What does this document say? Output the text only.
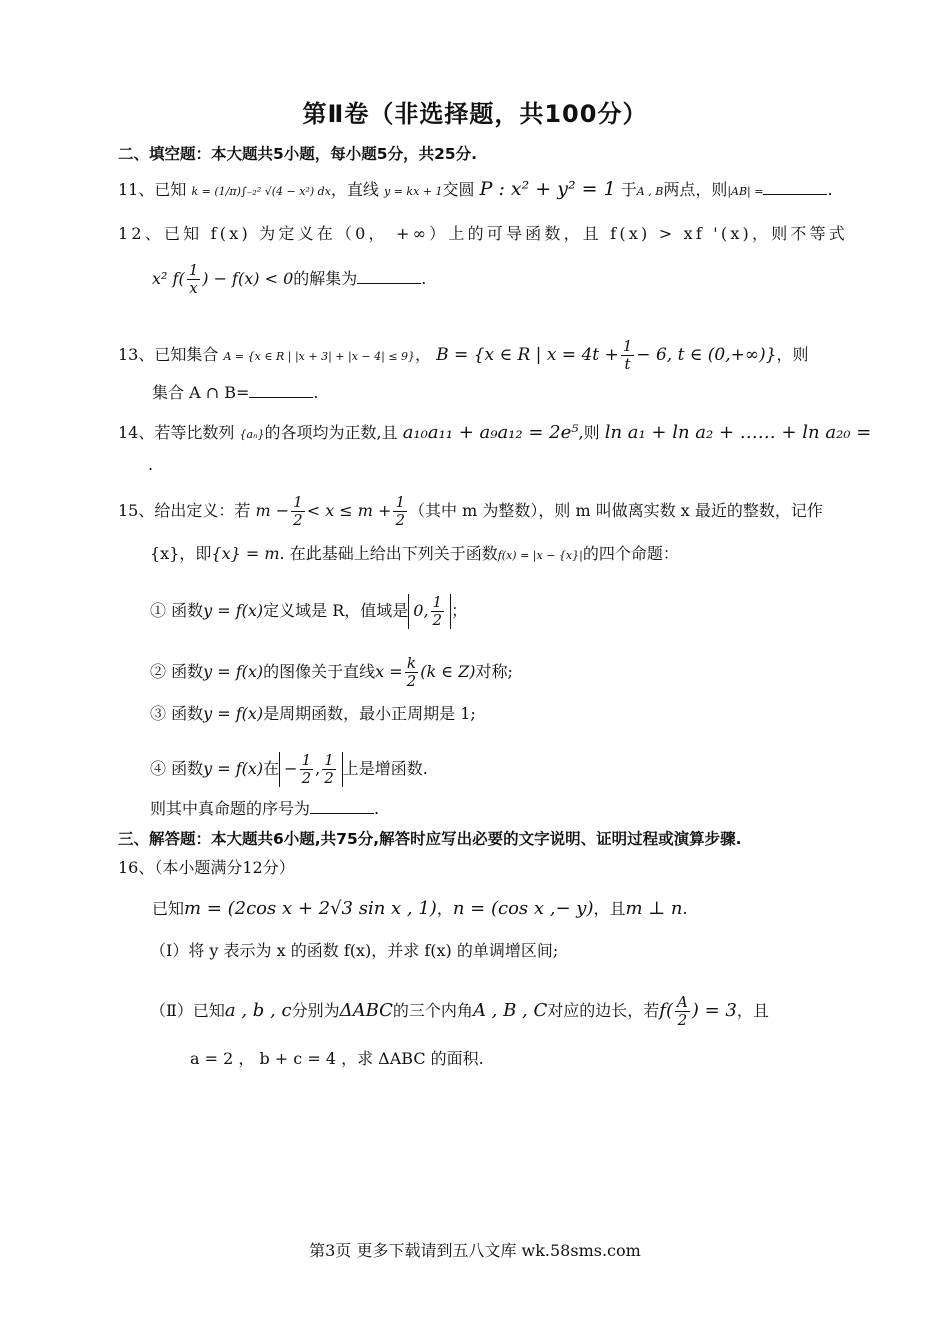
第Ⅱ卷（非选择题，共100分）
二、填空题：本大题共5小题，每小题5分，共25分.
11、已知 k = (1/π)∫₋₂² √(4 − x²) dx，直线 y = kx + 1交圆 P : x² + y² = 1 于A , B两点，则|AB| =	.
12、已知 f(x) 为定义在（0， +∞）上的可导函数，且 f(x) > xf '(x)，则不等式
x² $f( \frac{1}{x}$ ) − f(x) < 0的解集为	.
13、已知集合 A = {x ∈ R | |x + 3| + |x − 4| ≤ 9}， B = {x ∈ R | $x = 4t + \frac{1}{t} - 6$, t ∈ (0,+∞)}，则
集合 A ∩ B=	.
14、若等比数列 {aₙ}的各项均为正数,且 a₁₀a₁₁ + a₉a₁₂ = 2e⁵,则 ln a₁ + ln a₂ + …… + ln a₂₀ =
.
15、给出定义：若 $m - \frac{1}{2} < x \le m + \frac{1}{2}$ （其中 m 为整数），则 m 叫做离实数 x 最近的整数，记作
{x}，即{x} = m. 在此基础上给出下列关于函数f(x) = |x − {x}|的四个命题：
① 函数y = f(x)定义域是 R，值域是 0, $\frac{1}{2}$ ；
② 函数y = f(x)的图像关于直线$x = \frac{k}{2} (k$ ∈ Z)对称;
③ 函数y = f(x)是周期函数，最小正周期是 1;
④ 函数y = f(x)在 − $\frac{1}{2}$ , $\frac{1}{2}$ 上是增函数.
则其中真命题的序号为	.
三、解答题：本大题共6小题,共75分,解答时应写出必要的文字说明、证明过程或演算步骤.
16、（本小题满分12分）
已知m = (2cos x + 2√3 sin x , 1)，n = (cos x ,− y)，且m ⊥ n.
（Ⅰ）将 y 表示为 x 的函数 f(x)，并求 f(x) 的单调增区间;
（Ⅱ）已知a , b , c分别为ΔABC的三个内角A , B , C对应的边长，若$f( \frac{A}{2}$ ) = 3，且
a = 2 ， b + c = 4 ，求 ΔABC 的面积.
第3页 更多下载请到五八文库 wk.58sms.com
